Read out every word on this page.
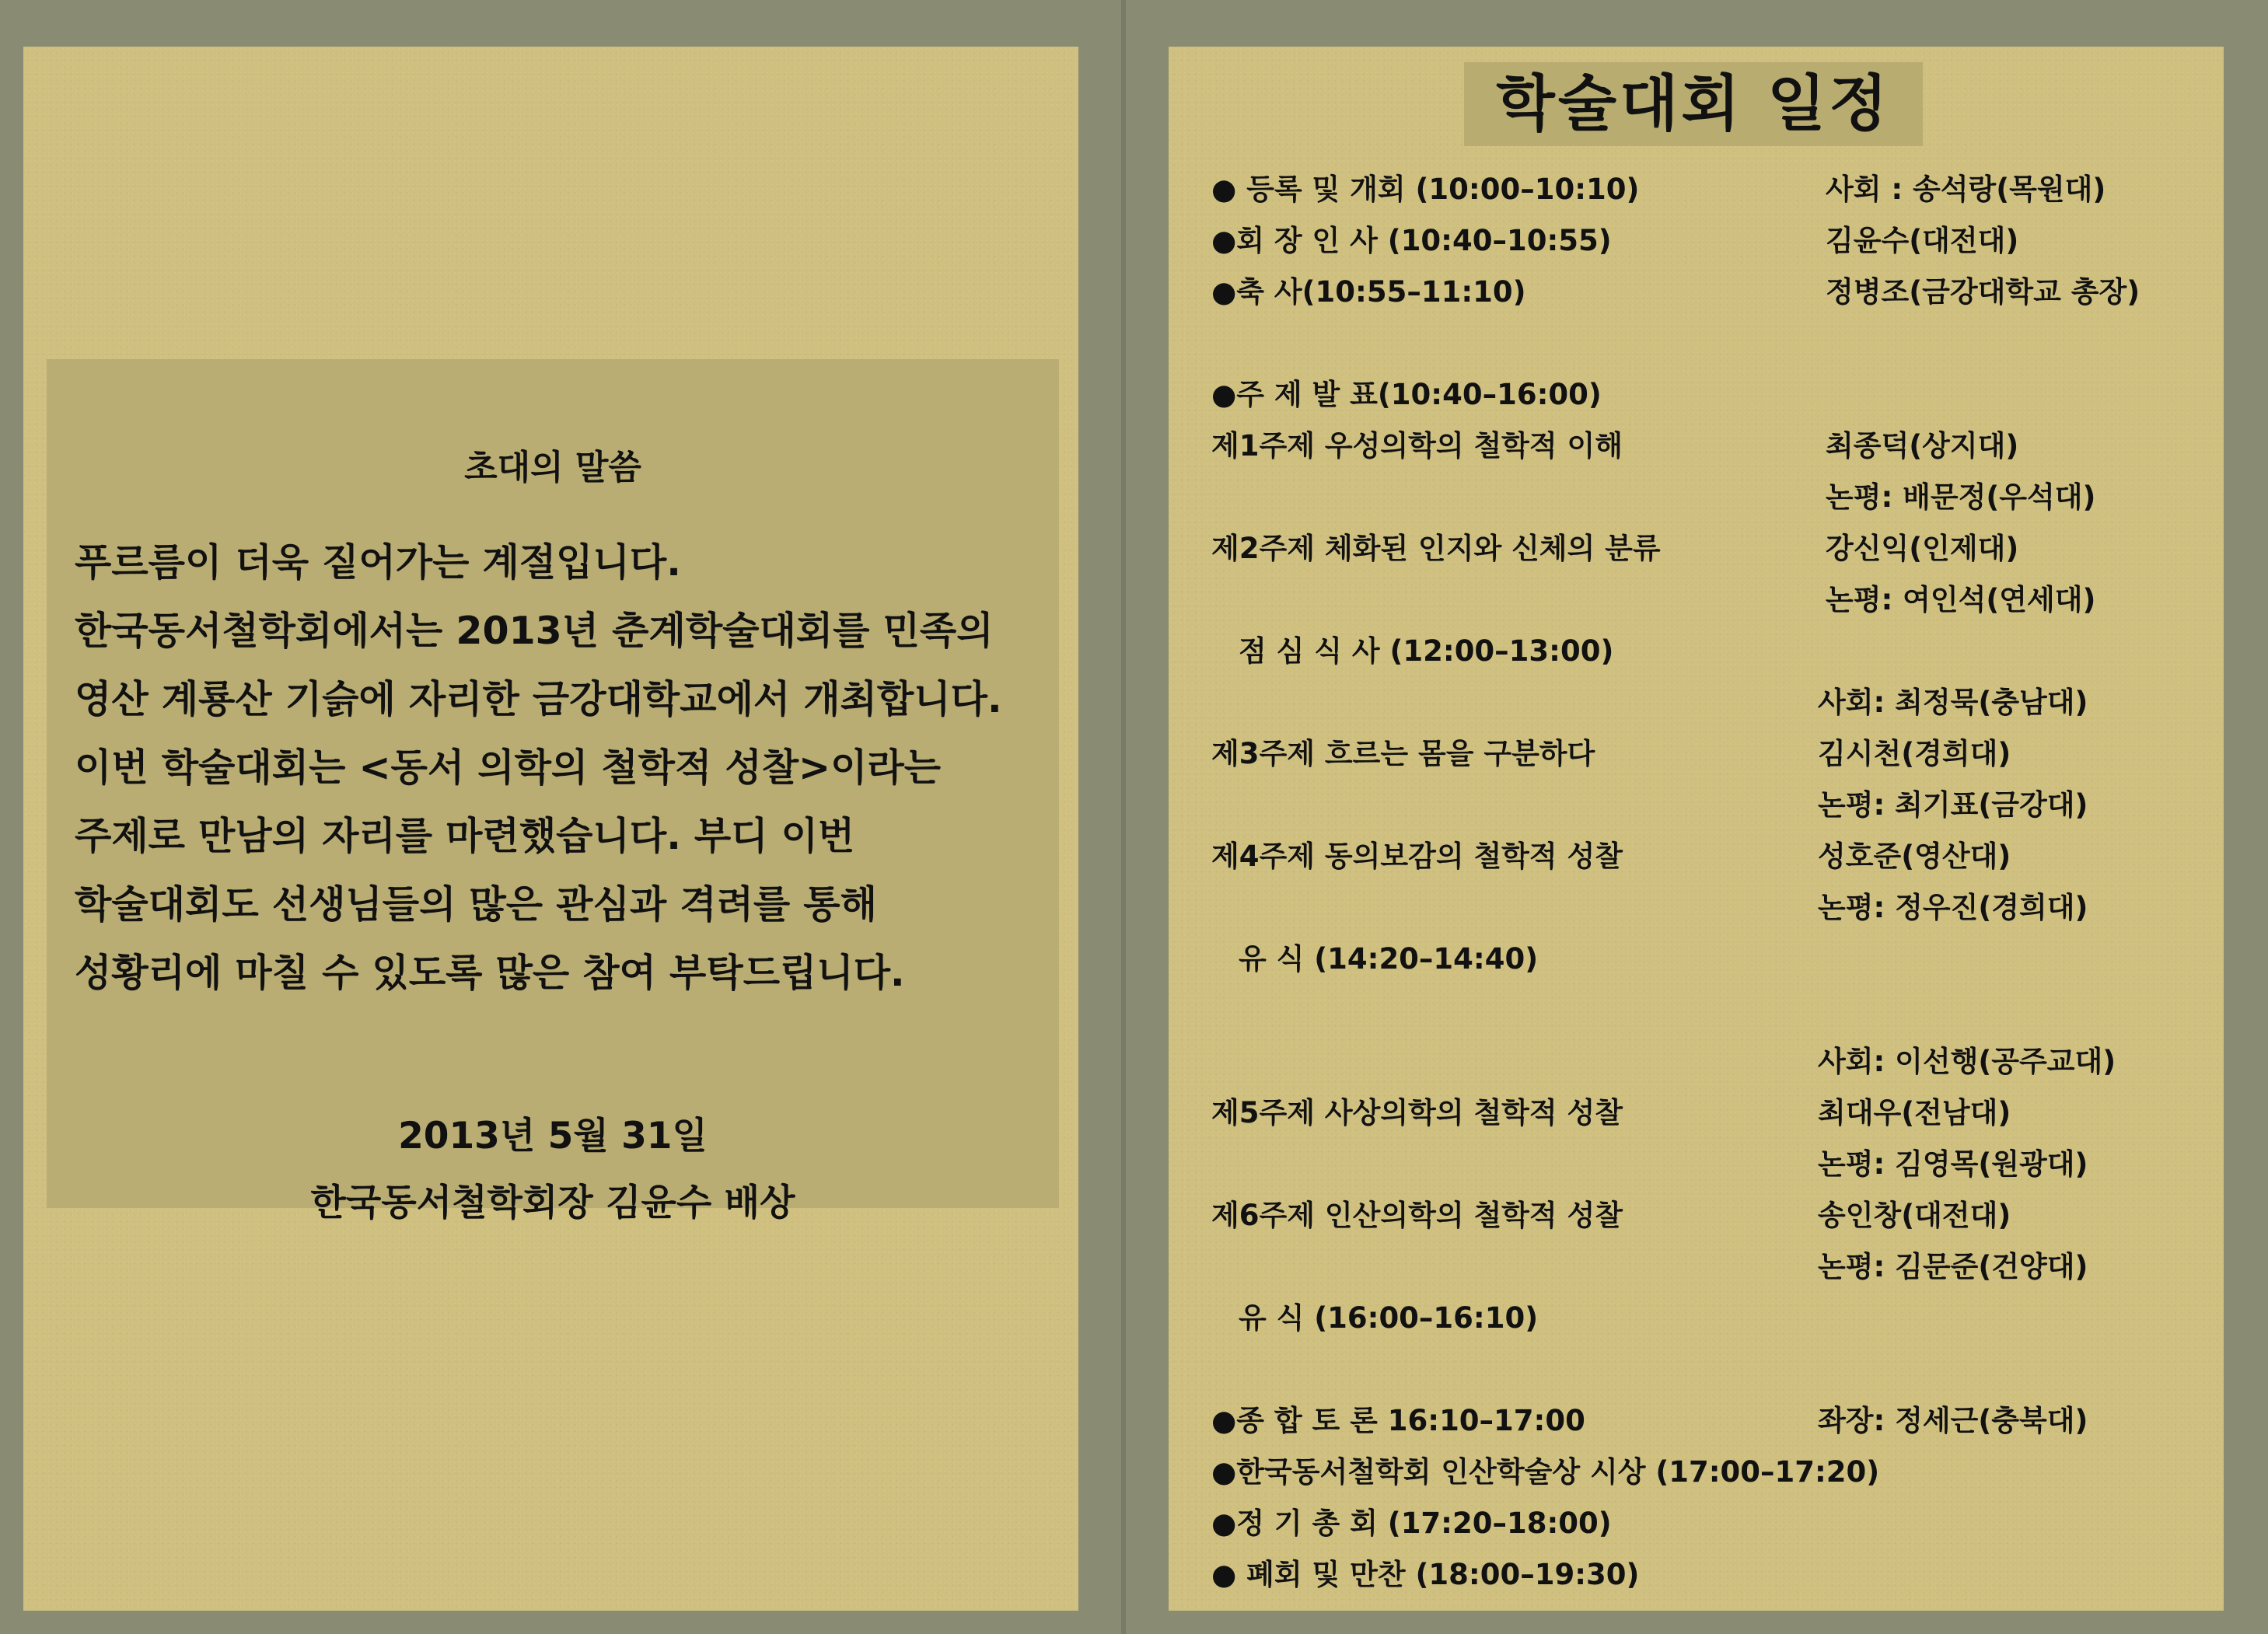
초대의 말씀
푸르름이 더욱 짙어가는 계절입니다.
한국동서철학회에서는 2013년 춘계학술대회를 민족의
영산 계룡산 기슭에 자리한 금강대학교에서 개최합니다.
이번 학술대회는 <동서 의학의 철학적 성찰>이라는
주제로 만남의 자리를 마련했습니다. 부디 이번
학술대회도 선생님들의 많은 관심과 격려를 통해
성황리에 마칠 수 있도록 많은 참여 부탁드립니다.
2013년 5월 31일
한국동서철학회장 김윤수 배상
학술대회 일정
● 등록 및 개회 (10:00–10:10)
●회 장 인 사 (10:40–10:55)
●축 사(10:55–11:10)
●주 제 발 표(10:40–16:00)
제1주제 우성의학의 철학적 이해
제2주제 체화된 인지와 신체의 분류
점 심 식 사 (12:00–13:00)
제3주제 흐르는 몸을 구분하다
제4주제 동의보감의 철학적 성찰
유 식 (14:20–14:40)
제5주제 사상의학의 철학적 성찰
제6주제 인산의학의 철학적 성찰
유 식 (16:00–16:10)
●종 합 토 론 16:10–17:00
●한국동서철학회 인산학술상 시상 (17:00–17:20)
●정 기 총 회 (17:20–18:00)
● 폐회 및 만찬 (18:00–19:30)
사회 : 송석랑(목원대)
김윤수(대전대)
정병조(금강대학교 총장)
최종덕(상지대)
논평: 배문정(우석대)
강신익(인제대)
논평: 여인석(연세대)
사회: 최정묵(충남대)
김시천(경희대)
논평: 최기표(금강대)
성호준(영산대)
논평: 정우진(경희대)
사회: 이선행(공주교대)
최대우(전남대)
논평: 김영목(원광대)
송인창(대전대)
논평: 김문준(건양대)
좌장: 정세근(충북대)
